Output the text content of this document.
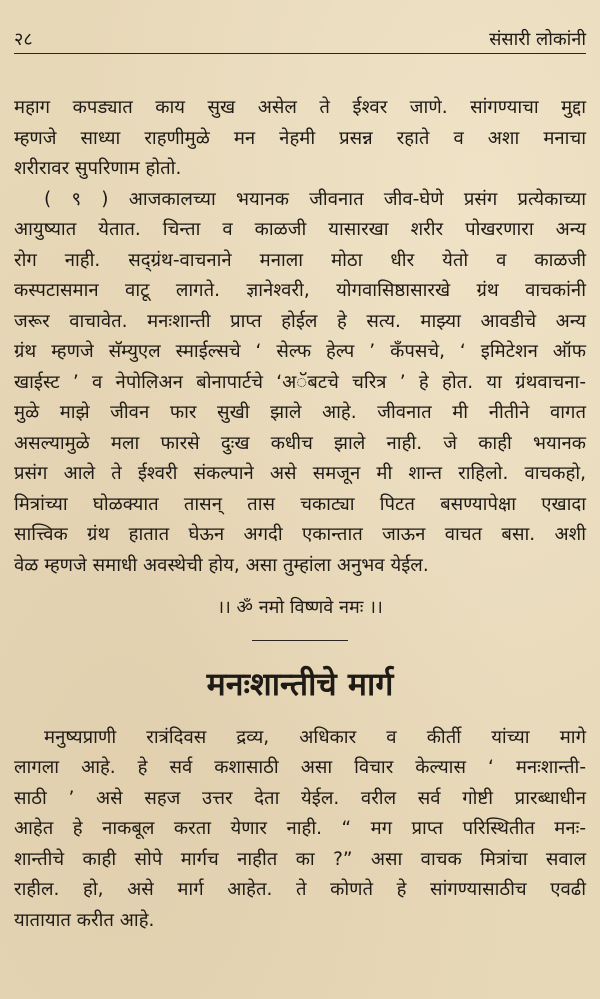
२८	संसारी लोकांनी

महाग कपड्यात काय सुख असेल ते ईश्वर जाणे. सांगण्याचा मुद्दा
म्हणजे साध्या राहणीमुळे मन नेहमी प्रसन्न रहाते व अशा मनाचा
शरीरावर सुपरिणाम होतो.

( ९ ) आजकालच्या भयानक जीवनात जीव-घेणे प्रसंग प्रत्येकाच्या
आयुष्यात येतात. चिन्ता व काळजी यासारखा शरीर पोखरणारा अन्य
रोग नाही. सद्ग्रंथ-वाचनाने मनाला मोठा धीर येतो व काळजी
कस्पटासमान वाटू लागते. ज्ञानेश्वरी, योगवासिष्ठासारखे ग्रंथ वाचकांनी
जरूर वाचावेत. मनःशान्ती प्राप्त होईल हे सत्य. माझ्या आवडीचे अन्य
ग्रंथ म्हणजे सॅम्युएल स्माईल्सचे ‘ सेल्फ हेल्प ’ कॅंपसचे, ‘ इमिटेशन ऑफ
खाईस्ट ’ व नेपोलिअन बोनापार्टचे ‘अॅबटचे चरित्र ’ हे होत. या ग्रंथवाचना-
मुळे माझे जीवन फार सुखी झाले आहे. जीवनात मी नीतीने वागत
असल्यामुळे मला फारसे दुःख कधीच झाले नाही. जे काही भयानक
प्रसंग आले ते ईश्वरी संकल्पाने असे समजून मी शान्त राहिलो. वाचकहो,
मित्रांच्या घोळक्यात तासन् तास चकाट्या पिटत बसण्यापेक्षा एखादा
सात्त्विक ग्रंथ हातात घेऊन अगदी एकान्तात जाऊन वाचत बसा. अशी
वेळ म्हणजे समाधी अवस्थेची होय, असा तुम्हांला अनुभव येईल.

।। ॐ नमो विष्णवे नमः ।।
मनःशान्तीचे मार्ग

मनुष्यप्राणी रात्रंदिवस द्रव्य, अधिकार व कीर्ती यांच्या मागे
लागला आहे. हे सर्व कशासाठी असा विचार केल्यास ‘ मनःशान्ती-
साठी ’ असे सहज उत्तर देता येईल. वरील सर्व गोष्टी प्रारब्धाधीन
आहेत हे नाकबूल करता येणार नाही. “ मग प्राप्त परिस्थितीत मनः-
शान्तीचे काही सोपे मार्गच नाहीत का ?” असा वाचक मित्रांचा सवाल
राहील. हो, असे मार्ग आहेत. ते कोणते हे सांगण्यासाठीच एवढी
यातायात करीत आहे.
